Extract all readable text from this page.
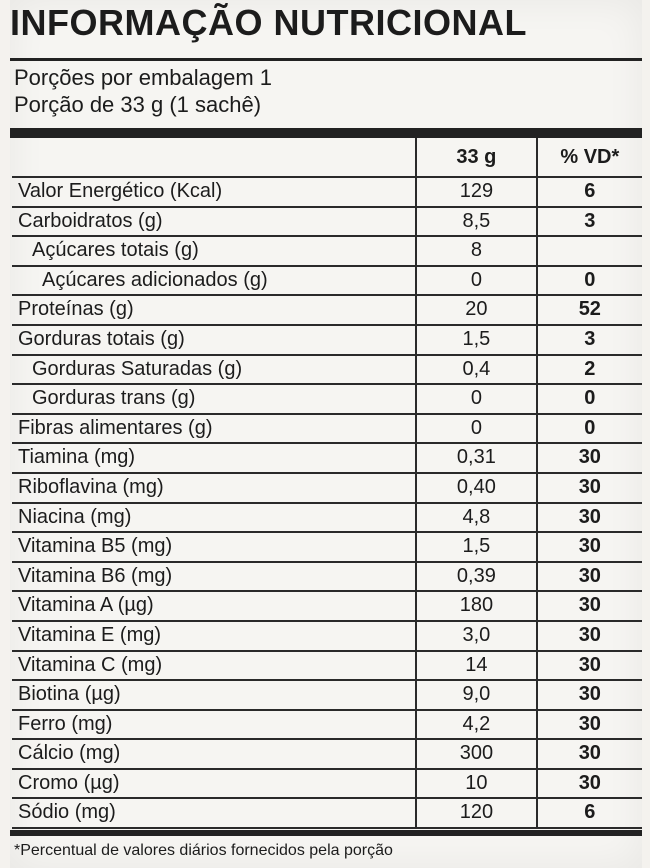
INFORMAÇÃO NUTRICIONAL
Porções por embalagem 1
Porção de 33 g (1 sachê)
	33 g	% VD*
Valor Energético (Kcal)	129	6
Carboidratos (g)	8,5	3
Açúcares totais (g)	8	
Açúcares adicionados (g)	0	0
Proteínas (g)	20	52
Gorduras totais (g)	1,5	3
Gorduras Saturadas (g)	0,4	2
Gorduras trans (g)	0	0
Fibras alimentares (g)	0	0
Tiamina (mg)	0,31	30
Riboflavina (mg)	0,40	30
Niacina (mg)	4,8	30
Vitamina B5 (mg)	1,5	30
Vitamina B6 (mg)	0,39	30
Vitamina A (µg)	180	30
Vitamina E (mg)	3,0	30
Vitamina C (mg)	14	30
Biotina (µg)	9,0	30
Ferro (mg)	4,2	30
Cálcio (mg)	300	30
Cromo (µg)	10	30
Sódio (mg)	120	6
*Percentual de valores diários fornecidos pela porção
